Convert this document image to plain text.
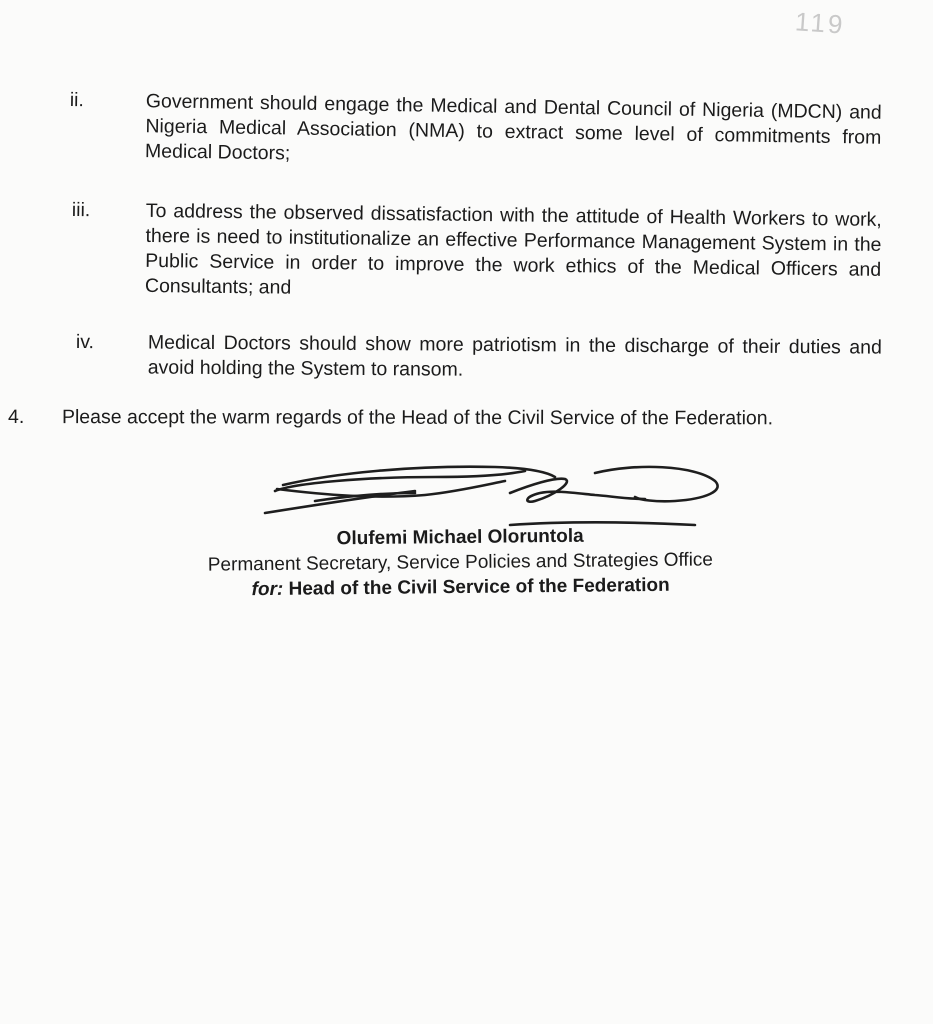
119
ii.	Government should engage the Medical and Dental Council of Nigeria (MDCN) and Nigeria Medical Association (NMA) to extract some level of commitments from Medical Doctors;
iii.	To address the observed dissatisfaction with the attitude of Health Workers to work, there is need to institutionalize an effective Performance Management System in the Public Service in order to improve the work ethics of the Medical Officers and Consultants; and
iv.	Medical Doctors should show more patriotism in the discharge of their duties and avoid holding the System to ransom.
4. Please accept the warm regards of the Head of the Civil Service of the Federation.
Olufemi Michael Oloruntola
Permanent Secretary, Service Policies and Strategies Office
for: Head of the Civil Service of the Federation
